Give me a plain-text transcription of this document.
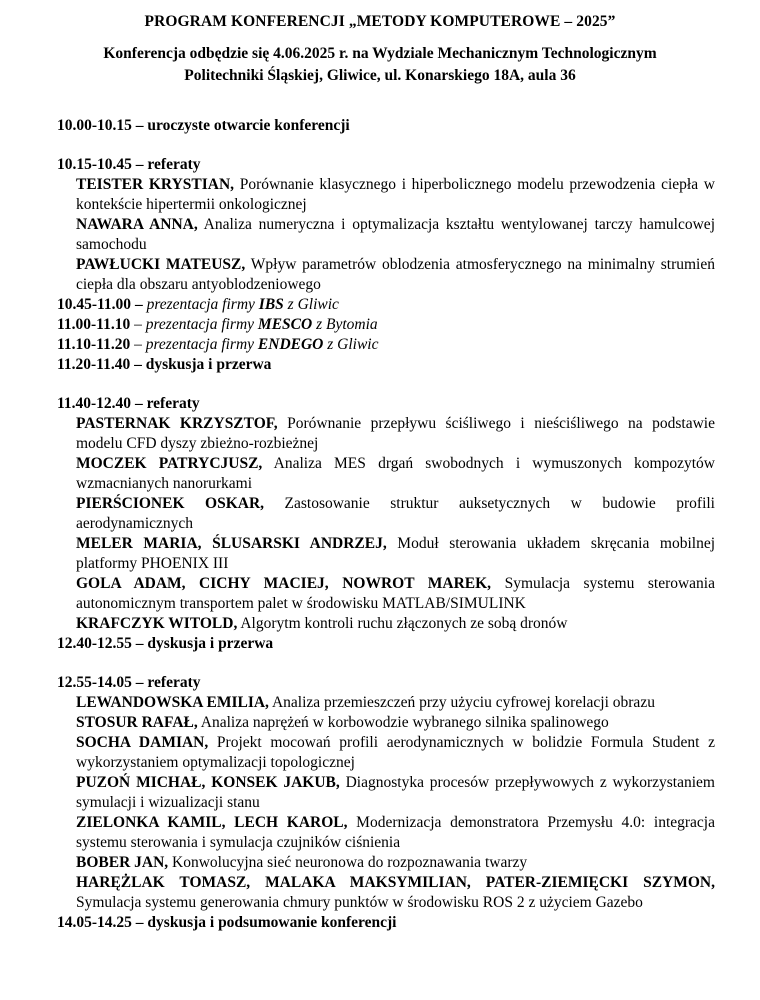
PROGRAM KONFERENCJI „METODY KOMPUTEROWE – 2025”
Konferencja odbędzie się 4.06.2025 r. na Wydziale Mechanicznym Technologicznym
Politechniki Śląskiej, Gliwice, ul. Konarskiego 18A, aula 36
10.00-10.15 – uroczyste otwarcie konferencji
10.15-10.45 – referaty
TEISTER KRYSTIAN, Porównanie klasycznego i hiperbolicznego modelu przewodzenia ciepła w kontekście hipertermii onkologicznej
NAWARA ANNA, Analiza numeryczna i optymalizacja kształtu wentylowanej tarczy hamulcowej samochodu
PAWŁUCKI MATEUSZ, Wpływ parametrów oblodzenia atmosferycznego na minimalny strumień ciepła dla obszaru antyoblodzeniowego
10.45-11.00 – prezentacja firmy IBS z Gliwic
11.00-11.10 – prezentacja firmy MESCO z Bytomia
11.10-11.20 – prezentacja firmy ENDEGO z Gliwic
11.20-11.40 – dyskusja i przerwa
11.40-12.40 – referaty
PASTERNAK KRZYSZTOF, Porównanie przepływu ściśliwego i nieściśliwego na podstawie modelu CFD dyszy zbieżno-rozbieżnej
MOCZEK PATRYCJUSZ, Analiza MES drgań swobodnych i wymuszonych kompozytów wzmacnianych nanorurkami
PIERŚCIONEK OSKAR, Zastosowanie struktur auksetycznych w budowie profili aerodynamicznych
MELER MARIA, ŚLUSARSKI ANDRZEJ, Moduł sterowania układem skręcania mobilnej platformy PHOENIX III
GOLA ADAM, CICHY MACIEJ, NOWROT MAREK, Symulacja systemu sterowania autonomicznym transportem palet w środowisku MATLAB/SIMULINK
KRAFCZYK WITOLD, Algorytm kontroli ruchu złączonych ze sobą dronów
12.40-12.55 – dyskusja i przerwa
12.55-14.05 – referaty
LEWANDOWSKA EMILIA, Analiza przemieszczeń przy użyciu cyfrowej korelacji obrazu
STOSUR RAFAŁ, Analiza naprężeń w korbowodzie wybranego silnika spalinowego
SOCHA DAMIAN, Projekt mocowań profili aerodynamicznych w bolidzie Formula Student z wykorzystaniem optymalizacji topologicznej
PUZOŃ MICHAŁ, KONSEK JAKUB, Diagnostyka procesów przepływowych z wykorzystaniem symulacji i wizualizacji stanu
ZIELONKA KAMIL, LECH KAROL, Modernizacja demonstratora Przemysłu 4.0: integracja systemu sterowania i symulacja czujników ciśnienia
BOBER JAN, Konwolucyjna sieć neuronowa do rozpoznawania twarzy
HARĘŻLAK TOMASZ, MALAKA MAKSYMILIAN, PATER-ZIEMIĘCKI SZYMON, Symulacja systemu generowania chmury punktów w środowisku ROS 2 z użyciem Gazebo
14.05-14.25 – dyskusja i podsumowanie konferencji
